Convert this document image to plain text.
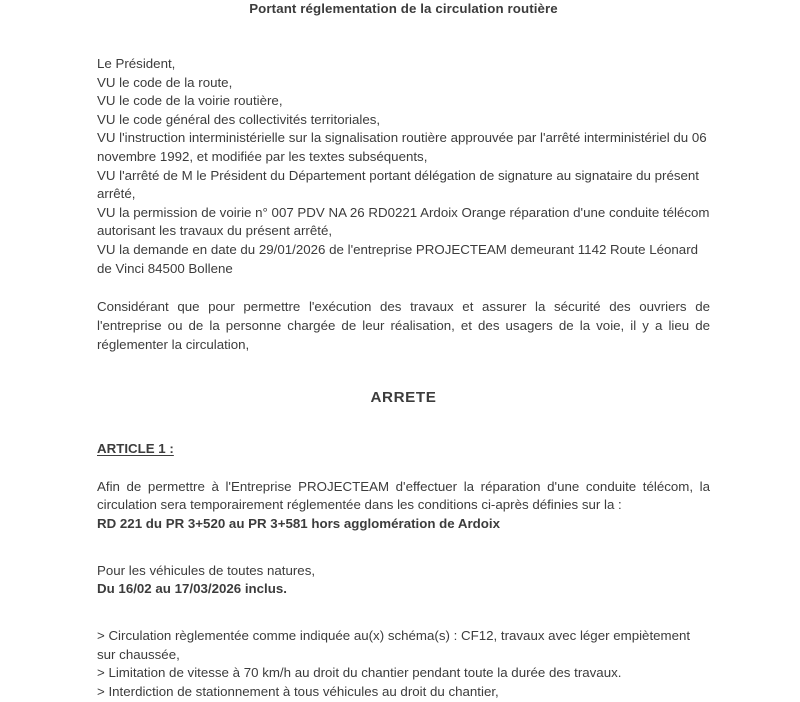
Portant réglementation de la circulation routière

Le Président,

VU le code de la route,

VU le code de la voirie routière,

VU le code général des collectivités territoriales,

VU l'instruction interministérielle sur la signalisation routière approuvée par l'arrêté interministériel du 06 novembre 1992, et modifiée par les textes subséquents,

VU l'arrêté de M le Président du Département portant délégation de signature au signataire du présent arrêté,

VU la permission de voirie n° 007 PDV NA 26 RD0221 Ardoix Orange réparation d'une conduite télécom autorisant les travaux du présent arrêté,

VU la demande en date du 29/01/2026 de l'entreprise PROJECTEAM demeurant 1142 Route Léonard de Vinci 84500 Bollene

Considérant que pour permettre l'exécution des travaux et assurer la sécurité des ouvriers de l'entreprise ou de la personne chargée de leur réalisation, et des usagers de la voie, il y a lieu de réglementer la circulation,

ARRETE

ARTICLE 1 :

Afin de permettre à l'Entreprise PROJECTEAM d'effectuer la réparation d'une conduite télécom, la circulation sera temporairement réglementée dans les conditions ci-après définies sur la :

RD 221 du PR 3+520 au PR 3+581 hors agglomération de Ardoix

Pour les véhicules de toutes natures,

Du 16/02 au 17/03/2026 inclus.

> Circulation règlementée comme indiquée au(x) schéma(s) : CF12, travaux avec léger empiètement sur chaussée,

> Limitation de vitesse à 70 km/h au droit du chantier pendant toute la durée des travaux.

> Interdiction de stationnement à tous véhicules au droit du chantier,
